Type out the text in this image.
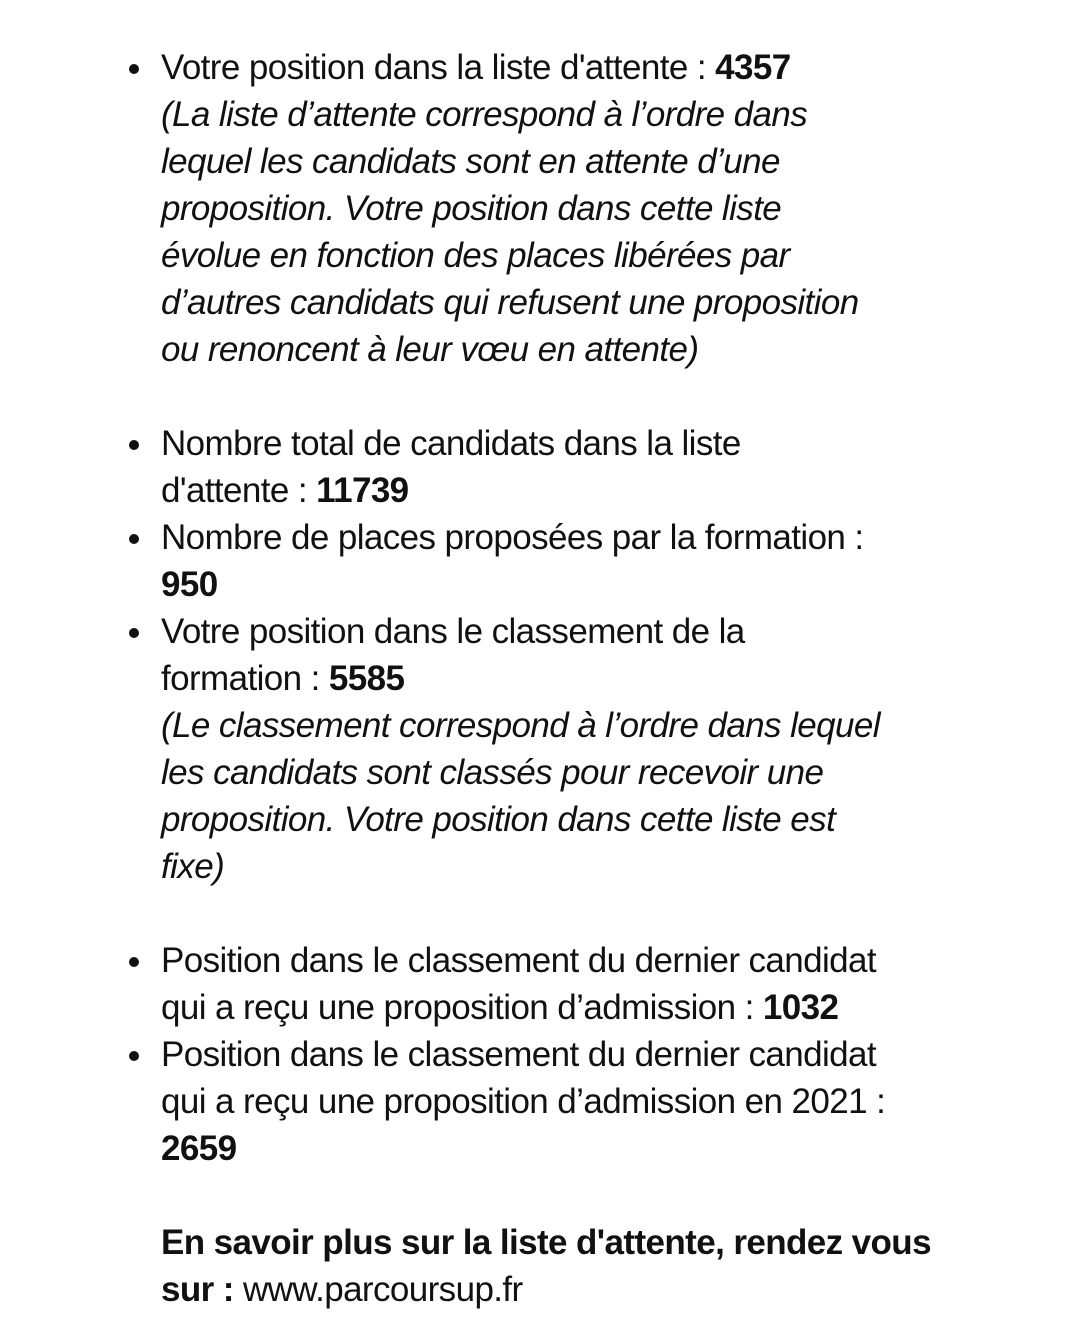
Votre position dans la liste d'attente : 4357
(La liste d’attente correspond à l’ordre dans
lequel les candidats sont en attente d’une
proposition. Votre position dans cette liste
évolue en fonction des places libérées par
d’autres candidats qui refusent une proposition
ou renoncent à leur vœu en attente)
Nombre total de candidats dans la liste
d'attente : 11739
Nombre de places proposées par la formation :
950
Votre position dans le classement de la
formation : 5585
(Le classement correspond à l’ordre dans lequel
les candidats sont classés pour recevoir une
proposition. Votre position dans cette liste est
fixe)
Position dans le classement du dernier candidat
qui a reçu une proposition d’admission : 1032
Position dans le classement du dernier candidat
qui a reçu une proposition d’admission en 2021 :
2659
En savoir plus sur la liste d'attente, rendez vous
sur : www.parcoursup.fr
